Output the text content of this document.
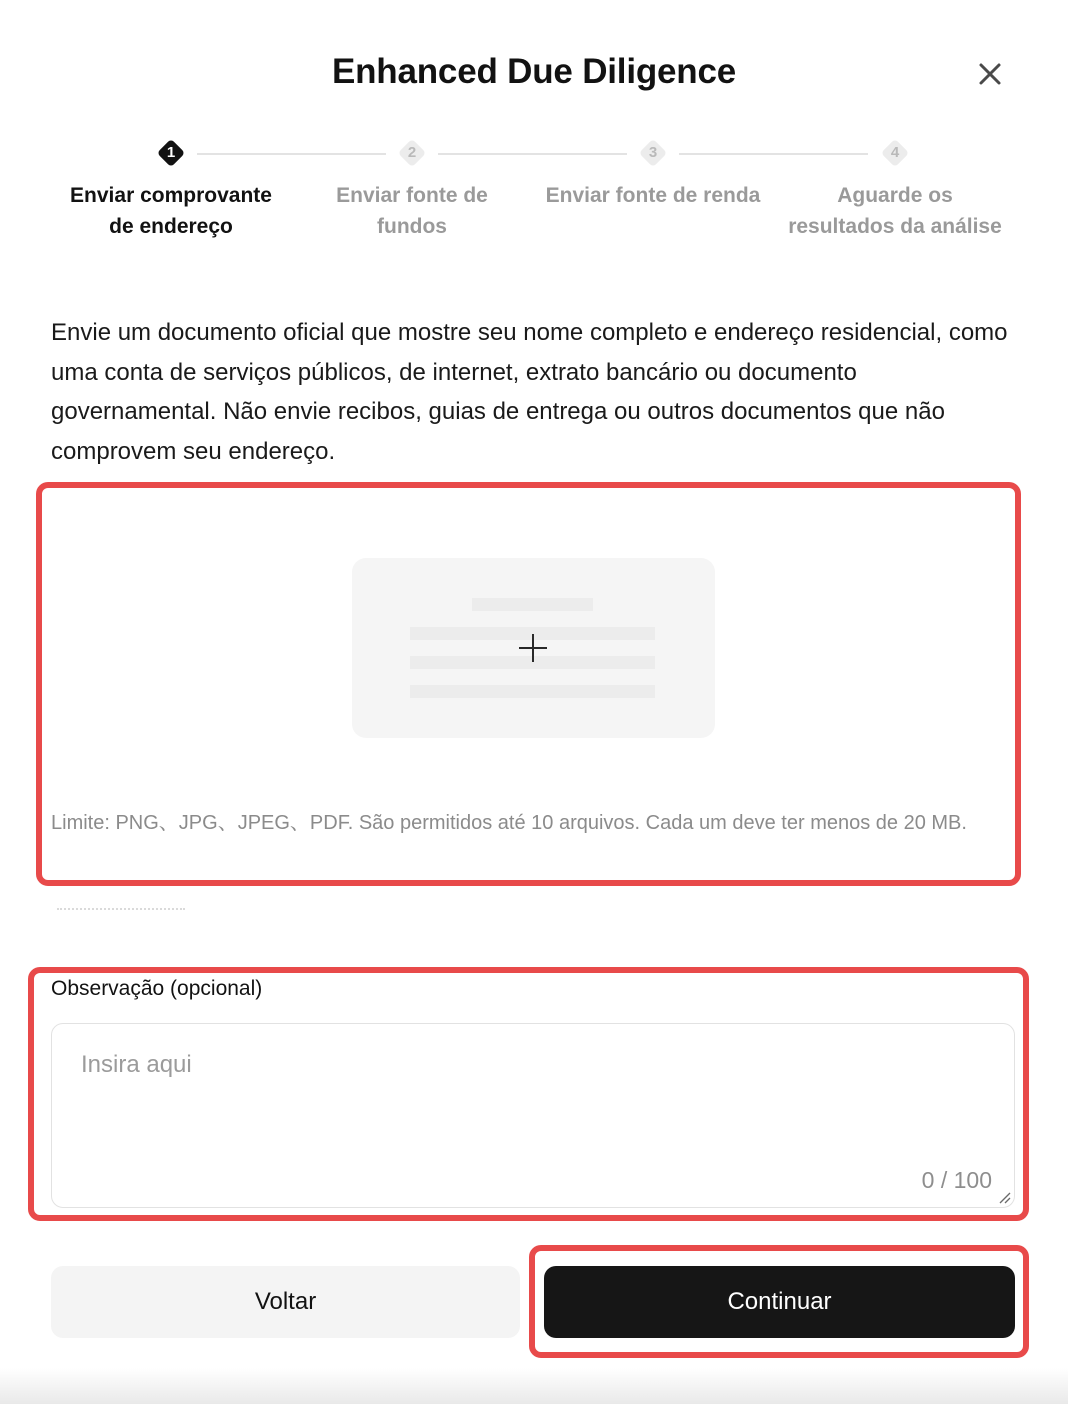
Enhanced Due Diligence
1
Enviar comprovante de endereço
2
Enviar fonte de fundos
3
Enviar fonte de renda
4
Aguarde os resultados da análise
Envie um documento oficial que mostre seu nome completo e endereço residencial, como uma conta de serviços públicos, de internet, extrato bancário ou documento governamental. Não envie recibos, guias de entrega ou outros documentos que não comprovem seu endereço.
Limite: PNG、JPG、JPEG、PDF. São permitidos até 10 arquivos. Cada um deve ter menos de 20 MB.
Observação (opcional)
Insira aqui
0 / 100
Voltar	Continuar
